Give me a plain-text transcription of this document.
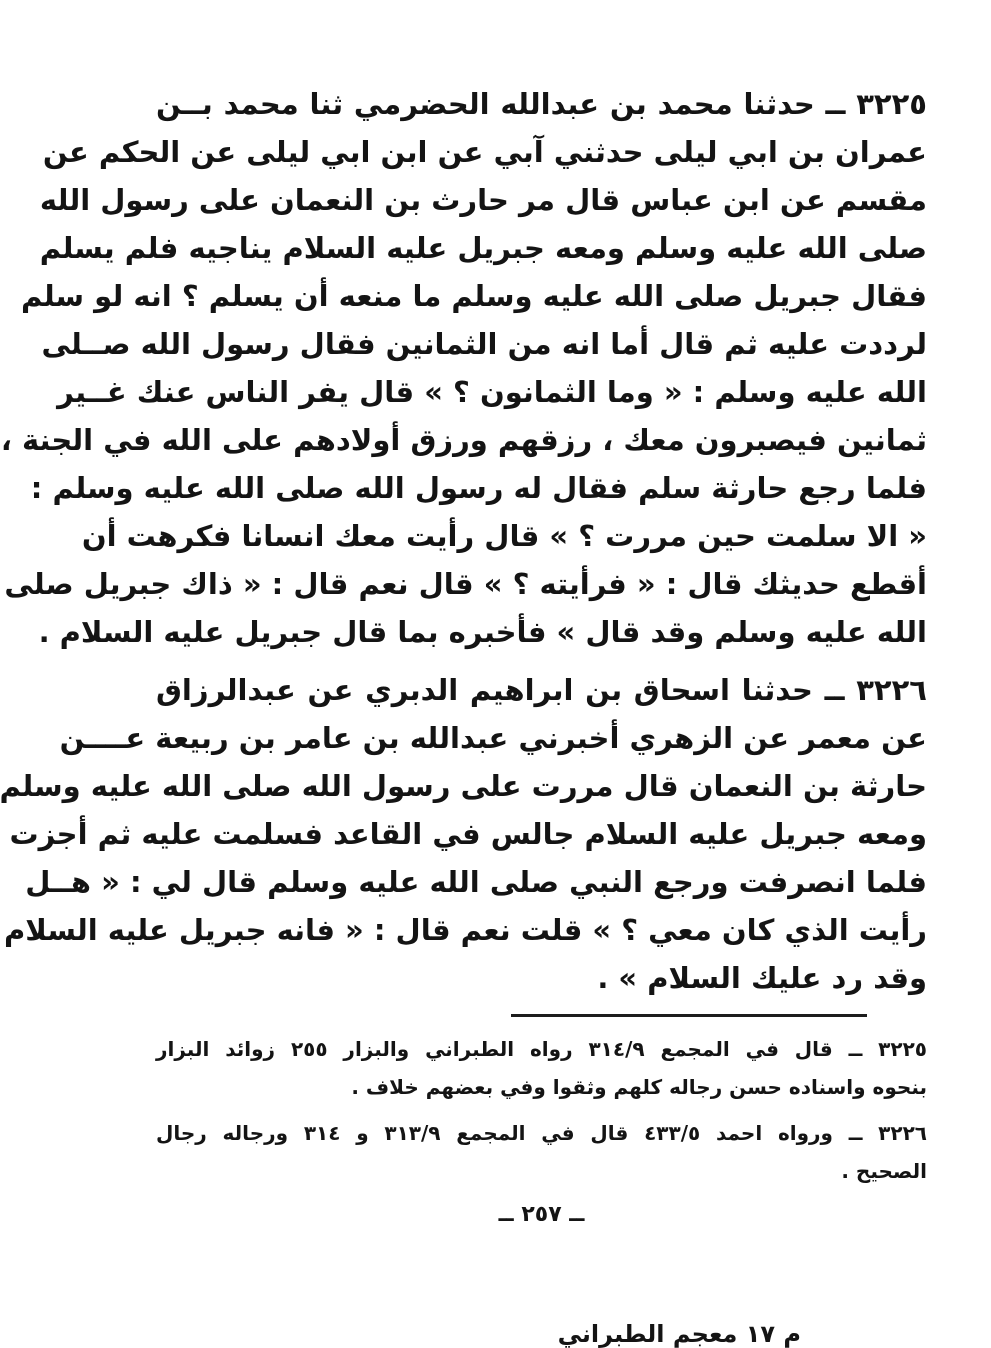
٣٢٢٥ ــ حدثنا محمد بن عبدالله الحضرمي ثنا محمد بــن
عمران بن ابي ليلى حدثني آبي عن ابن ابي ليلى عن الحكم عن
مقسم عن ابن عباس قال مر حارث بن النعمان على رسول الله
صلى الله عليه وسلم ومعه جبريل عليه السلام يناجيه فلم يسلم
فقال جبريل صلى الله عليه وسلم ما منعه أن يسلم ؟ انه لو سلم
لرددت عليه ثم قال أما انه من الثمانين فقال رسول الله صــلى
الله عليه وسلم : « وما الثمانون ؟ » قال يفر الناس عنك غــير
ثمانين فيصبرون معك ، رزقهم ورزق أولادهم على الله في الجنة ،
فلما رجع حارثة سلم فقال له رسول الله صلى الله عليه وسلم :
« الا سلمت حين مررت ؟ » قال رأيت معك انسانا فكرهت أن
أقطع حديثك قال : « فرأيته ؟ » قال نعم قال : « ذاك جبريل صلى
الله عليه وسلم وقد قال » فأخبره بما قال جبريل عليه السلام .
٣٢٢٦ ــ حدثنا اسحاق بن ابراهيم الدبري عن عبدالرزاق
عن معمر عن الزهري أخبرني عبدالله بن عامر بن ربيعة عــــن
حارثة بن النعمان قال مررت على رسول الله صلى الله عليه وسلم
ومعه جبريل عليه السلام جالس في القاعد فسلمت عليه ثم أجزت
فلما انصرفت ورجع النبي صلى الله عليه وسلم قال لي : « هــل
رأيت الذي كان معي ؟ » قلت نعم قال : « فانه جبريل عليه السلام
وقد رد عليك السلام » .
٣٢٢٥ ــ قال في المجمع ٣١٤/٩ رواه الطبراني والبزار ٢٥٥ زوائد البزار
بنحوه واسناده حسن رجاله كلهم وثقوا وفي بعضهم خلاف .
٣٢٢٦ ــ ورواه احمد ٤٣٣/٥ قال في المجمع ٣١٣/٩ و ٣١٤ ورجاله رجال
الصحيح .
ــ ٢٥٧ ــ
م ١٧ معجم الطبراني
